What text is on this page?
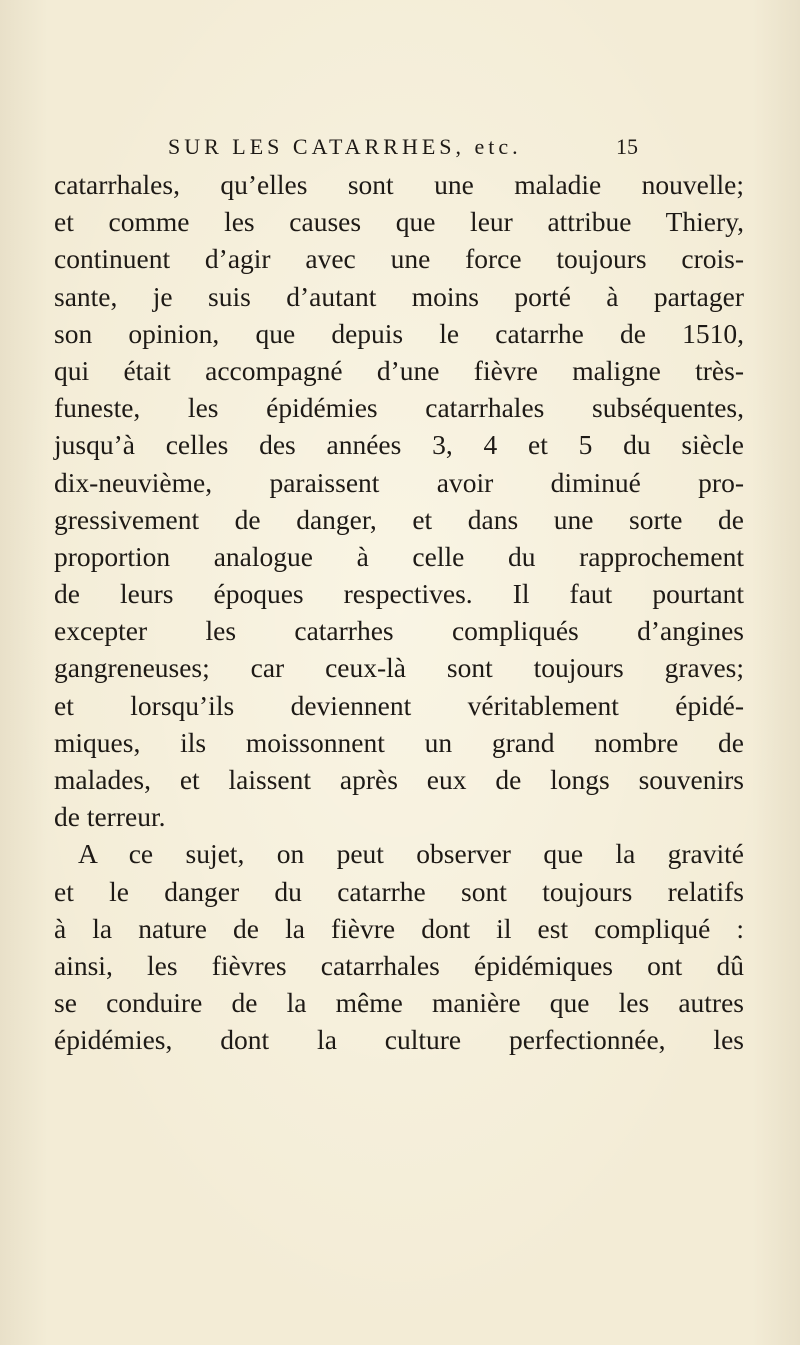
SUR LES CATARRHES, etc.	15
catarrhales, qu’elles sont une maladie nouvelle;
et comme les causes que leur attribue Thiery,
continuent d’agir avec une force toujours crois-
sante, je suis d’autant moins porté à partager
son opinion, que depuis le catarrhe de 1510,
qui était accompagné d’une fièvre maligne très-
funeste, les épidémies catarrhales subséquentes,
jusqu’à celles des années 3, 4 et 5 du siècle
dix-neuvième, paraissent avoir diminué pro-
gressivement de danger, et dans une sorte de
proportion analogue à celle du rapprochement
de leurs époques respectives. Il faut pourtant
excepter les catarrhes compliqués d’angines
gangreneuses; car ceux-là sont toujours graves;
et lorsqu’ils deviennent véritablement épidé-
miques, ils moissonnent un grand nombre de
malades, et laissent après eux de longs souvenirs
de terreur.
A ce sujet, on peut observer que la gravité
et le danger du catarrhe sont toujours relatifs
à la nature de la fièvre dont il est compliqué :
ainsi, les fièvres catarrhales épidémiques ont dû
se conduire de la même manière que les autres
épidémies, dont la culture perfectionnée, les
